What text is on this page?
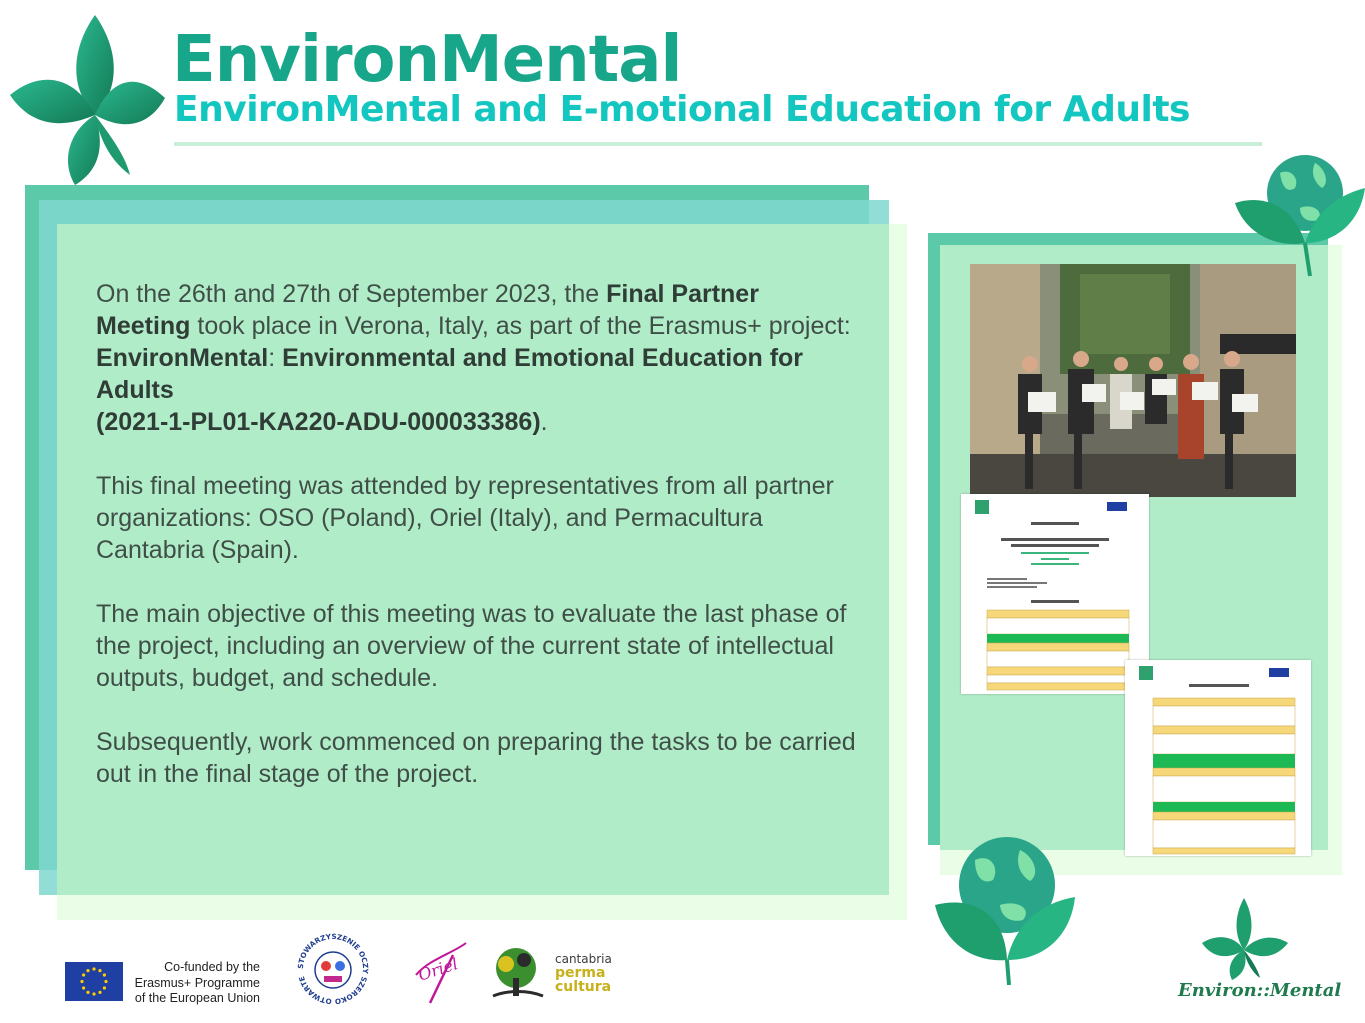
EnvironMental
EnvironMental and E-motional Education for Adults

On the 26th and 27th of September 2023, the Final Partner Meeting took place in Verona, Italy, as part of the Erasmus+ project: EnvironMental: Environmental and Emotional Education for Adults
(2021-1-PL01-KA220-ADU-000033386).

This final meeting was attended by representatives from all partner organizations: OSO (Poland), Oriel (Italy), and Permacultura Cantabria (Spain).

The main objective of this meeting was to evaluate the last phase of the project, including an overview of the current state of intellectual outputs, budget, and schedule.

Subsequently, work commenced on preparing the tasks to be carried out in the final stage of the project.

Co-funded by the Erasmus+ Programme of the European Union
STOWARZYSZENIE OCZY SZEROKO OTWARTE	Oriel	cantabria
perma
cultura	Environ::Mental
